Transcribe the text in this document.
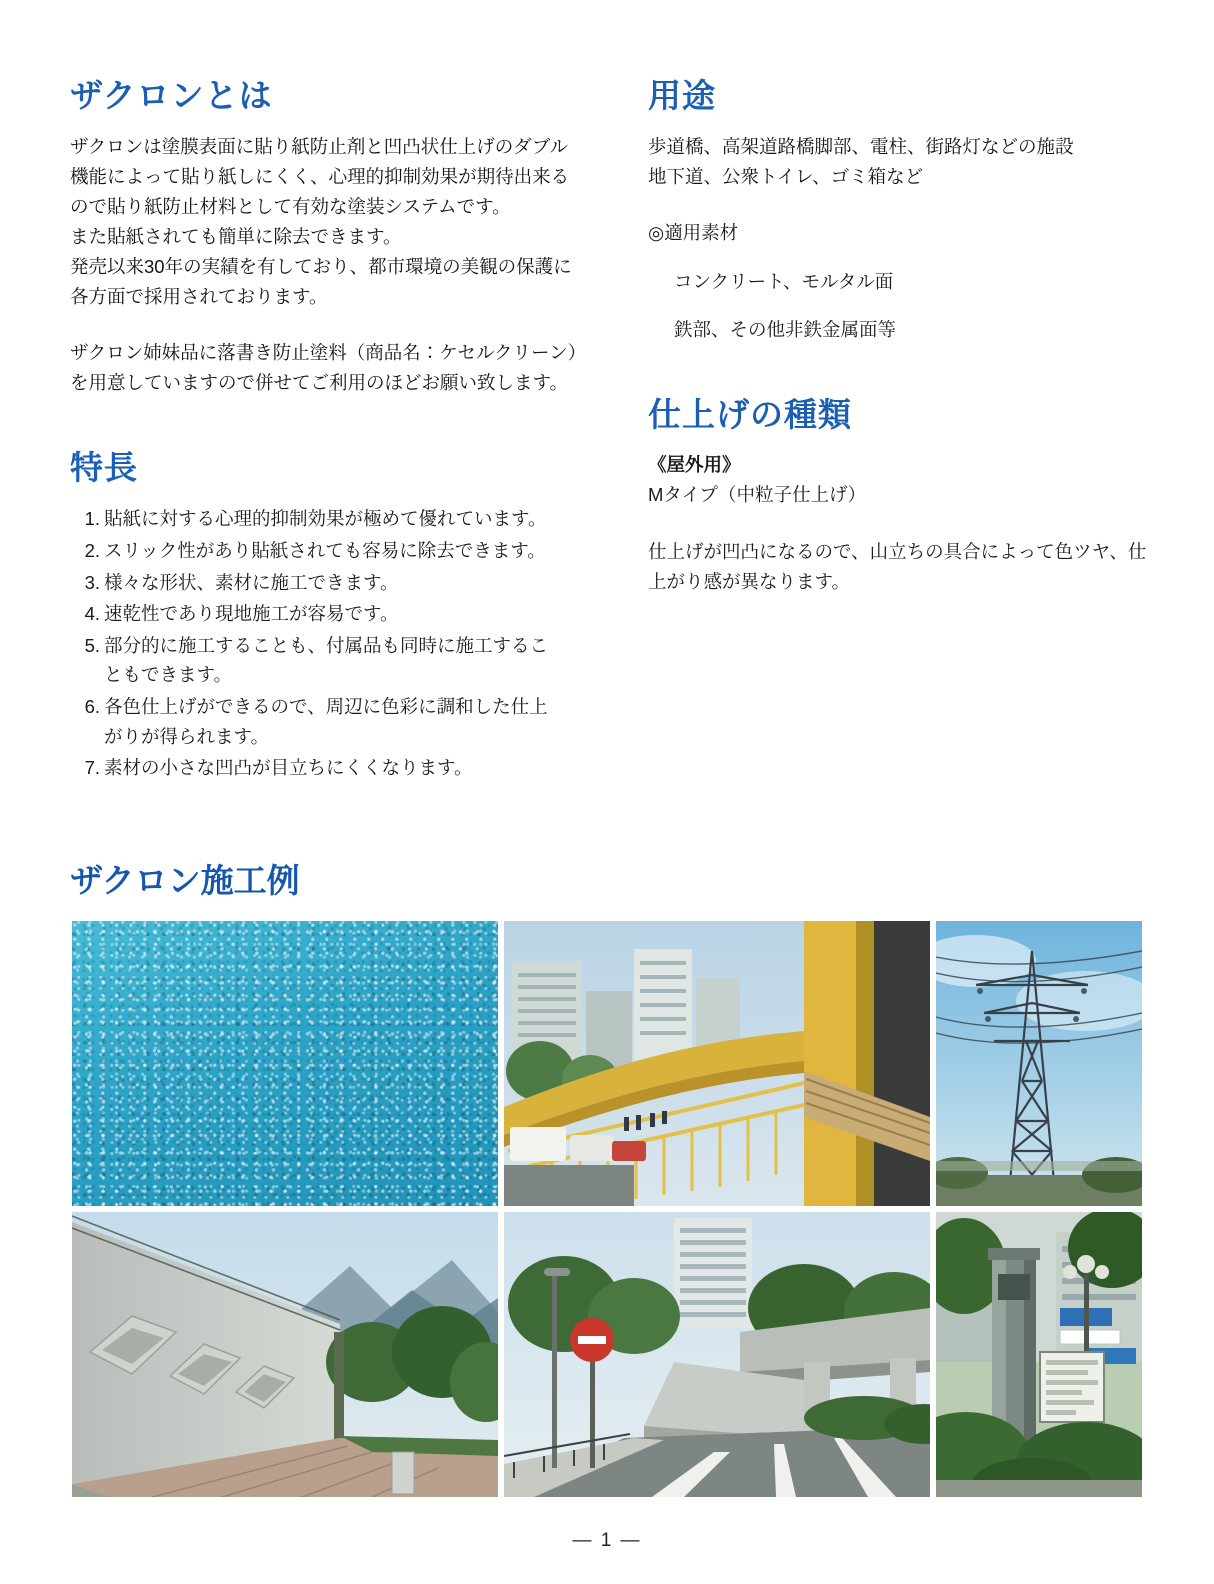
ザクロンとは

ザクロンは塗膜表面に貼り紙防止剤と凹凸状仕上げのダブル機能によって貼り紙しにくく、心理的抑制効果が期待出来るので貼り紙防止材料として有効な塗装システムです。

また貼紙されても簡単に除去できます。

発売以来30年の実績を有しており、都市環境の美観の保護に各方面で採用されております。

ザクロン姉妹品に落書き防止塗料（商品名：ケセルクリーン）を用意していますので併せてご利用のほどお願い致します。

特長
1. 貼紙に対する心理的抑制効果が極めて優れています。
2. スリック性があり貼紙されても容易に除去できます。
3. 様々な形状、素材に施工できます。
4. 速乾性であり現地施工が容易です。
5. 部分的に施工することも、付属品も同時に施工するこ
ともできます。
6. 各色仕上げができるので、周辺に色彩に調和した仕上
がりが得られます。
7. 素材の小さな凹凸が目立ちにくくなります。
用途

歩道橋、高架道路橋脚部、電柱、街路灯などの施設

地下道、公衆トイレ、ゴミ箱など

◎適用素材

コンクリート、モルタル面

鉄部、その他非鉄金属面等

仕上げの種類

《屋外用》

Mタイプ（中粒子仕上げ）

仕上げが凹凸になるので、山立ちの具合によって色ツヤ、仕上がり感が異なります。

ザクロン施工例
— 1 —
